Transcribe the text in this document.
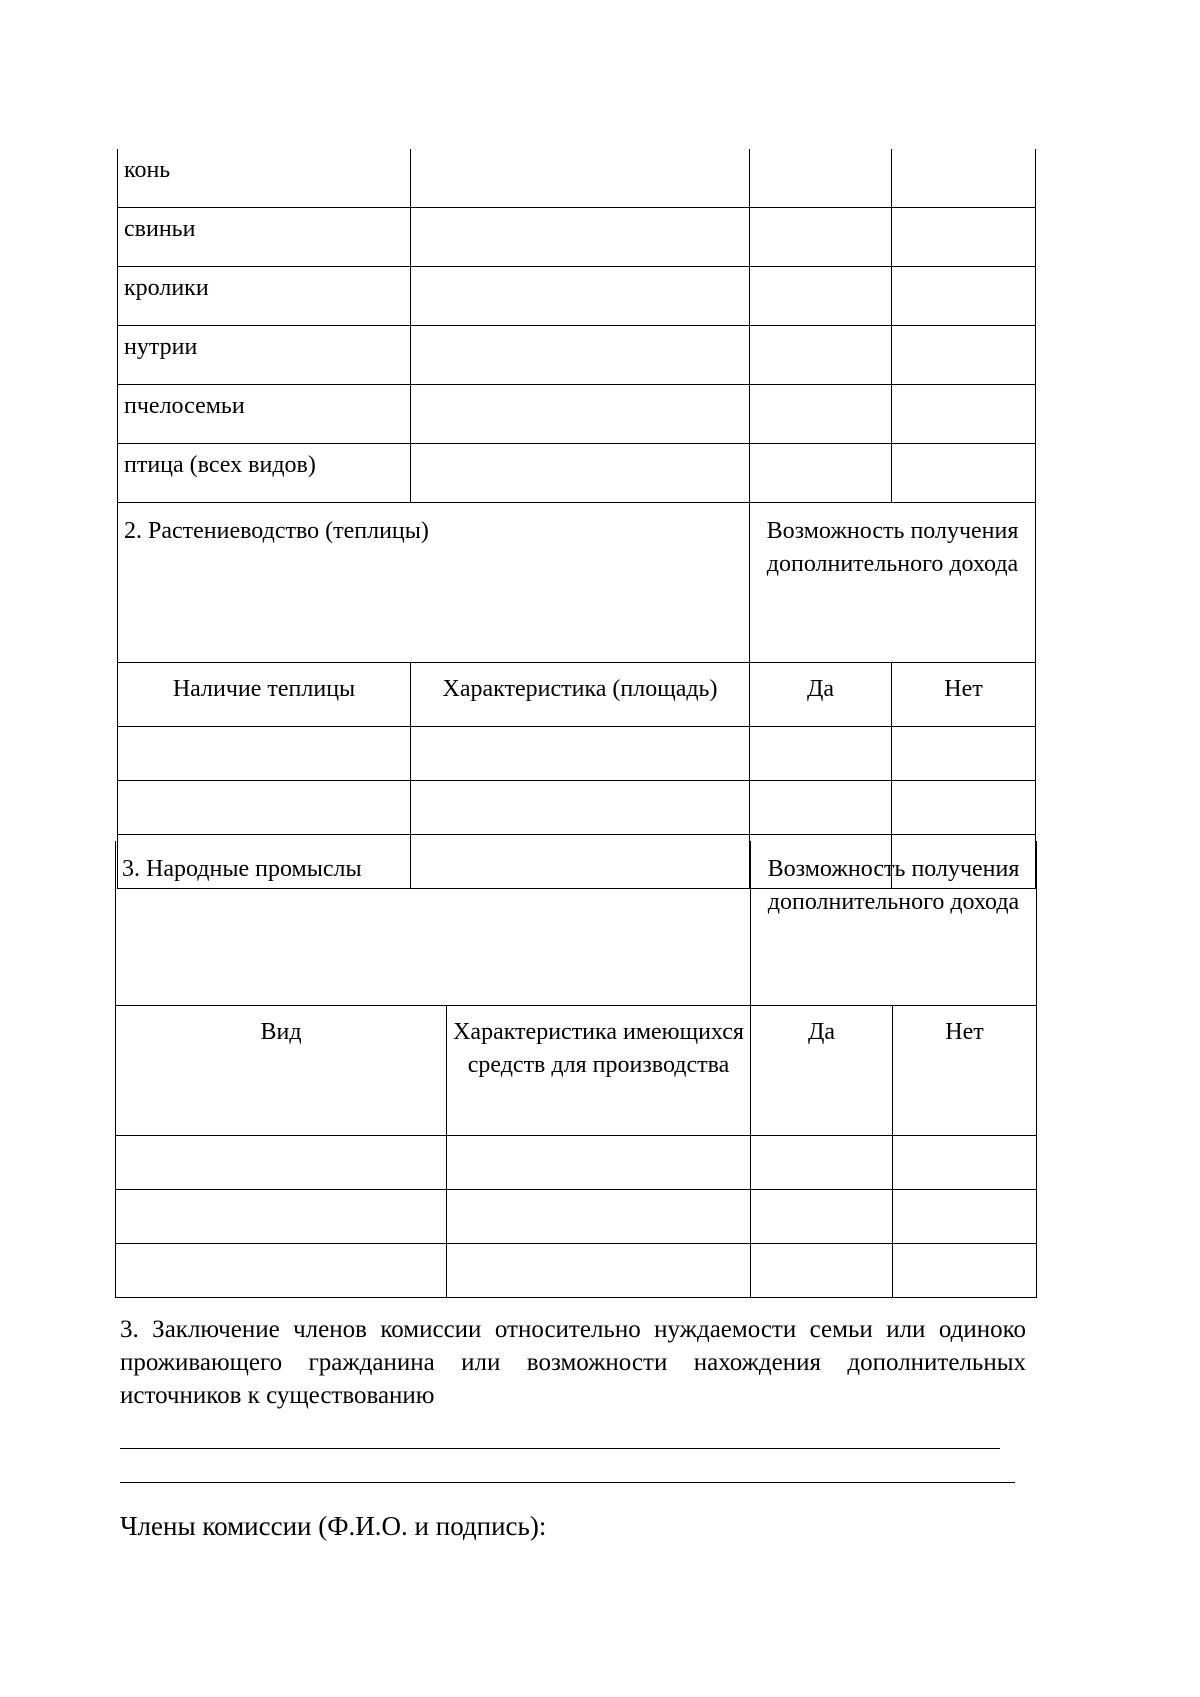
конь			
свиньи			
кролики			
нутрии			
пчелосемьи			
птица (всех видов)			
2. Растениеводство (теплицы)		Возможность получения дополнительного дохода	
Наличие теплицы	Характеристика (площадь)	Да	Нет

3. Народные промыслы		Возможность получения дополнительного дохода	
Вид	Характеристика имеющихся средств для производства	Да	Нет

3. Заключение членов комиссии относительно нуждаемости семьи или одиноко проживающего гражданина или возможности нахождения дополнительных источников к существованию
Члены комиссии (Ф.И.О. и подпись):
